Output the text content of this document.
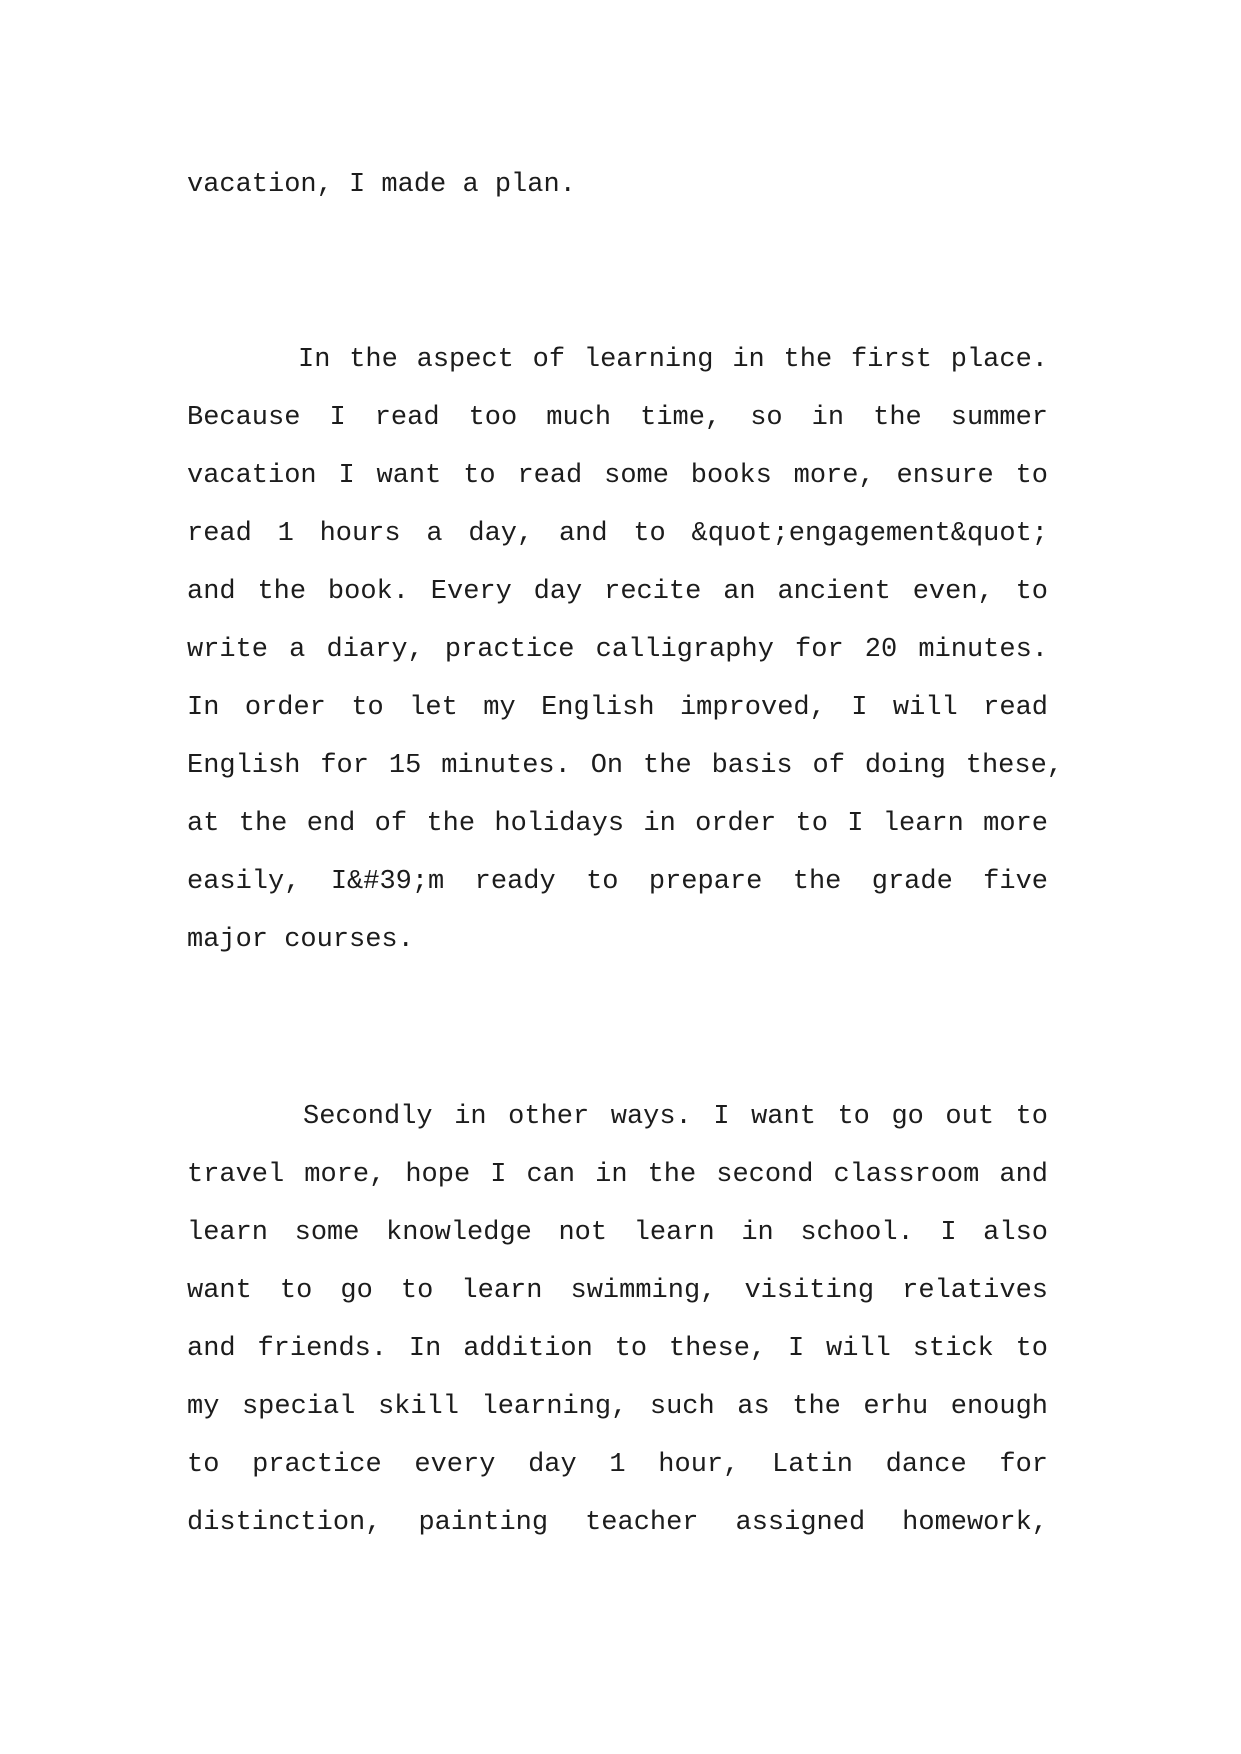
vacation, I made a plan.
In the aspect of learning in the first place.
Because I read too much time, so in the summer
vacation I want to read some books more, ensure to
read 1 hours a day, and to &quot;engagement&quot;
and the book. Every day recite an ancient even, to
write a diary, practice calligraphy for 20 minutes.
In order to let my English improved, I will read
English for 15 minutes. On the basis of doing these,
at the end of the holidays in order to I learn more
easily, I&#39;m ready to prepare the grade five
major courses.
Secondly in other ways. I want to go out to
travel more, hope I can in the second classroom and
learn some knowledge not learn in school. I also
want to go to learn swimming, visiting relatives
and friends. In addition to these, I will stick to
my special skill learning, such as the erhu enough
to practice every day 1 hour, Latin dance for
distinction, painting teacher assigned homework,
